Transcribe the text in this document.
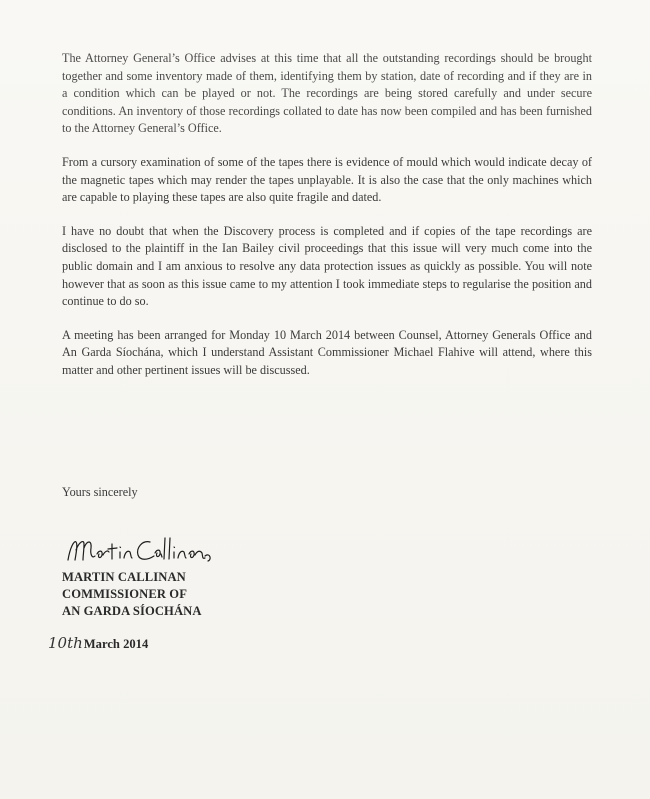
The Attorney General’s Office advises at this time that all the outstanding recordings should be brought together and some inventory made of them, identifying them by station, date of recording and if they are in a condition which can be played or not. The recordings are being stored carefully and under secure conditions. An inventory of those recordings collated to date has now been compiled and has been furnished to the Attorney General’s Office.

From a cursory examination of some of the tapes there is evidence of mould which would indicate decay of the magnetic tapes which may render the tapes unplayable. It is also the case that the only machines which are capable to playing these tapes are also quite fragile and dated.

I have no doubt that when the Discovery process is completed and if copies of the tape recordings are disclosed to the plaintiff in the Ian Bailey civil proceedings that this issue will very much come into the public domain and I am anxious to resolve any data protection issues as quickly as possible. You will note however that as soon as this issue came to my attention I took immediate steps to regularise the position and continue to do so.

A meeting has been arranged for Monday 10 March 2014 between Counsel, Attorney Generals Office and An Garda Síochána, which I understand Assistant Commissioner Michael Flahive will attend, where this matter and other pertinent issues will be discussed.

Yours sincerely

MARTIN CALLINAN
COMMISSIONER OF
AN GARDA SÍOCHÁNA
10thMarch 2014
